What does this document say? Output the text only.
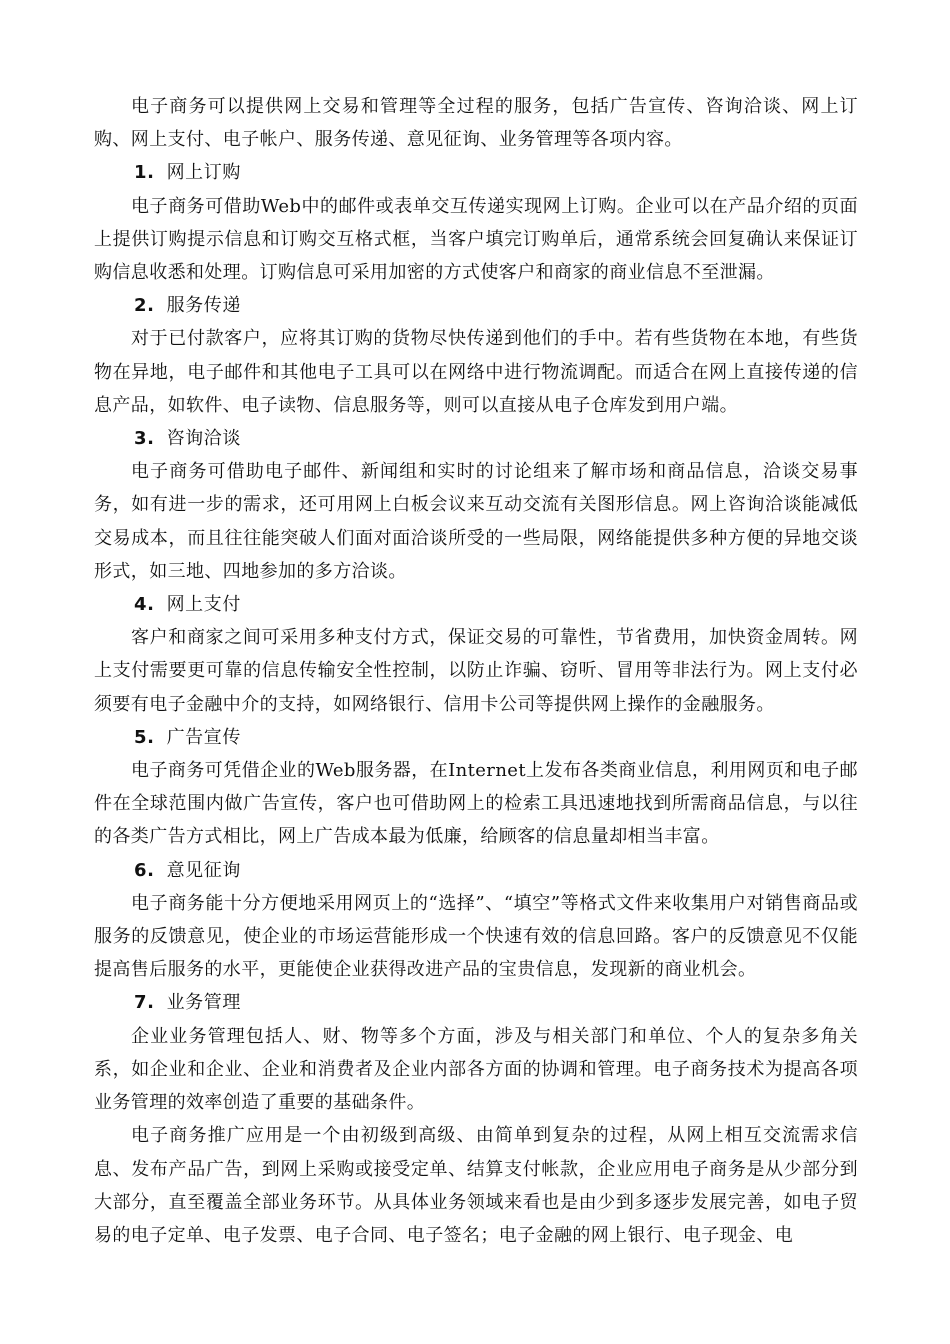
电子商务可以提供网上交易和管理等全过程的服务，包括广告宣传、咨询洽谈、网上订购、网上支付、电子帐户、服务传递、意见征询、业务管理等各项内容。

1. 网上订购

电子商务可借助Web中的邮件或表单交互传递实现网上订购。企业可以在产品介绍的页面上提供订购提示信息和订购交互格式框，当客户填完订购单后，通常系统会回复确认来保证订购信息收悉和处理。订购信息可采用加密的方式使客户和商家的商业信息不至泄漏。

2. 服务传递

对于已付款客户，应将其订购的货物尽快传递到他们的手中。若有些货物在本地，有些货物在异地，电子邮件和其他电子工具可以在网络中进行物流调配。而适合在网上直接传递的信息产品，如软件、电子读物、信息服务等，则可以直接从电子仓库发到用户端。

3. 咨询洽谈

电子商务可借助电子邮件、新闻组和实时的讨论组来了解市场和商品信息，洽谈交易事务，如有进一步的需求，还可用网上白板会议来互动交流有关图形信息。网上咨询洽谈能减低交易成本，而且往往能突破人们面对面洽谈所受的一些局限，网络能提供多种方便的异地交谈形式，如三地、四地参加的多方洽谈。

4. 网上支付

客户和商家之间可采用多种支付方式，保证交易的可靠性，节省费用，加快资金周转。网上支付需要更可靠的信息传输安全性控制，以防止诈骗、窃听、冒用等非法行为。网上支付必须要有电子金融中介的支持，如网络银行、信用卡公司等提供网上操作的金融服务。

5. 广告宣传

电子商务可凭借企业的Web服务器，在Internet上发布各类商业信息，利用网页和电子邮件在全球范围内做广告宣传，客户也可借助网上的检索工具迅速地找到所需商品信息，与以往的各类广告方式相比，网上广告成本最为低廉，给顾客的信息量却相当丰富。

6. 意见征询

电子商务能十分方便地采用网页上的“选择”、“填空”等格式文件来收集用户对销售商品或服务的反馈意见，使企业的市场运营能形成一个快速有效的信息回路。客户的反馈意见不仅能提高售后服务的水平，更能使企业获得改进产品的宝贵信息，发现新的商业机会。

7. 业务管理

企业业务管理包括人、财、物等多个方面，涉及与相关部门和单位、个人的复杂多角关系，如企业和企业、企业和消费者及企业内部各方面的协调和管理。电子商务技术为提高各项业务管理的效率创造了重要的基础条件。

电子商务推广应用是一个由初级到高级、由简单到复杂的过程，从网上相互交流需求信息、发布产品广告，到网上采购或接受定单、结算支付帐款，企业应用电子商务是从少部分到大部分，直至覆盖全部业务环节。从具体业务领域来看也是由少到多逐步发展完善，如电子贸易的电子定单、电子发票、电子合同、电子签名；电子金融的网上银行、电子现金、电
